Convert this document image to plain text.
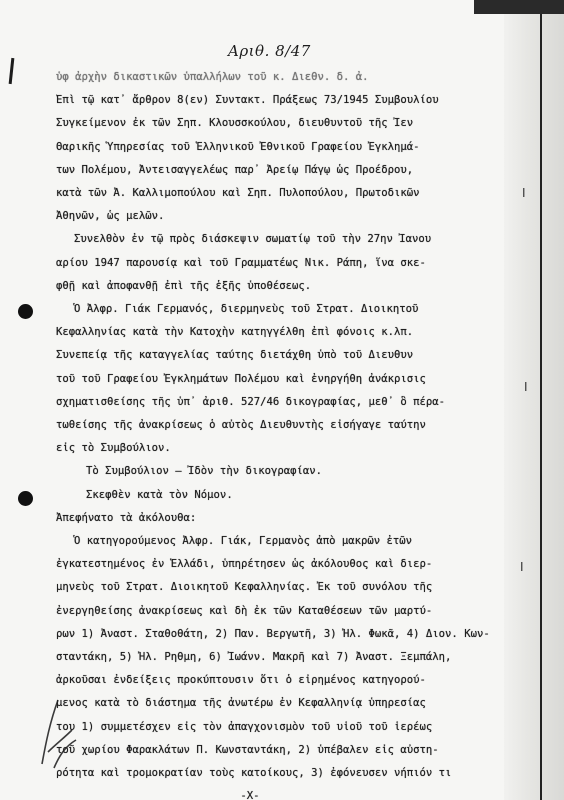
Ι
Ι
Ι
Αριθ. 8/47
ὑφ ἀρχὴν δικαστικῶν ὑπαλλήλων τοῦ κ. Διεθν. δ. ἀ.
Ἐπὶ τῷ κατ᾽ ἄρθρον 8(εν) Συντακτ. Πράξεως 73/1945 Συμβουλίου
Συγκείμενον ἐκ τῶν Σηπ. Κλουσσκούλου, διευθυντοῦ τῆς Ἰεν
Θαρικῆς Ὑπηρεσίας τοῦ Ἑλληνικοῦ Ἐθνικοῦ Γραφείου Ἐγκλημά-
των Πολέμου, Ἀντεισαγγελέως παρ᾽ Ἀρείῳ Πάγῳ ὡς Προέδρου,
κατὰ τῶν Ἀ. Καλλιμοπούλου καὶ Σηπ. Πυλοπούλου, Πρωτοδικῶν
Ἀθηνῶν, ὡς μελῶν.
Συνελθὸν ἐν τῷ πρὸς διάσκεψιν σωματίῳ τοῦ τὴν 27ην Ἰανου
αρίου 1947 παρουσίᾳ καὶ τοῦ Γραμματέως Νικ. Ράπη, ἵνα σκε-
φθῇ καὶ ἀποφανθῇ ἐπὶ τῆς ἑξῆς ὑποθέσεως.
Ὁ Ἀλφρ. Γιάκ Γερμανός, διερμηνεὺς τοῦ Στρατ. Διοικητοῦ
Κεφαλληνίας κατὰ τὴν Κατοχὴν κατηγγέλθη ἐπὶ φόνοις κ.λπ.
Συνεπείᾳ τῆς καταγγελίας ταύτης διετάχθη ὑπὸ τοῦ Διευθυν
τοῦ τοῦ Γραφείου Ἐγκλημάτων Πολέμου καὶ ἐνηργήθη ἀνάκρισις
σχηματισθείσης τῆς ὑπ᾽ ἀριθ. 527/46 δικογραφίας, μεθ᾽ ὃ πέρα-
τωθείσης τῆς ἀνακρίσεως ὁ αὐτὸς Διευθυντὴς εἰσήγαγε ταύτην
εἰς τὸ Συμβούλιον.
Τὸ Συμβούλιον – Ἰδὸν τὴν δικογραφίαν.
Σκεφθὲν κατὰ τὸν Νόμον.
Ἀπεφήνατο τὰ ἀκόλουθα:
Ὁ κατηγορούμενος Ἀλφρ. Γιάκ, Γερμανὸς ἀπὸ μακρῶν ἐτῶν
ἐγκατεστημένος ἐν Ἑλλάδι, ὑπηρέτησεν ὡς ἀκόλουθος καὶ διερ-
μηνεὺς τοῦ Στρατ. Διοικητοῦ Κεφαλληνίας. Ἐκ τοῦ συνόλου τῆς
ἐνεργηθείσης ἀνακρίσεως καὶ δὴ ἐκ τῶν Καταθέσεων τῶν μαρτύ-
ρων 1) Ἀναστ. Σταθοθάτη, 2) Παν. Βεργωτῆ, 3) Ἠλ. Φωκᾶ, 4) Διον. Κων-
σταντάκη, 5) Ἠλ. Ρηθμη, 6) Ἰωάνν. Μακρῆ καὶ 7) Ἀναστ. Ξεμπάλη,
ἀρκοῦσαι ἐνδείξεις προκύπτουσιν ὅτι ὁ εἰρημένος κατηγορού-
μενος κατὰ τὸ διάστημα τῆς ἀνωτέρω ἐν Κεφαλληνίᾳ ὑπηρεσίας
του 1) συμμετέσχεν εἰς τὸν ἀπαγχονισμὸν τοῦ υἱοῦ τοῦ ἱερέως
τοῦ χωρίου Φαρακλάτων Π. Κωνσταντάκη, 2) ὑπέβαλεν εἰς αὐστη-
ρότητα καὶ τρομοκρατίαν τοὺς κατοίκους, 3) ἐφόνευσεν νήπιόν τι
-X-
